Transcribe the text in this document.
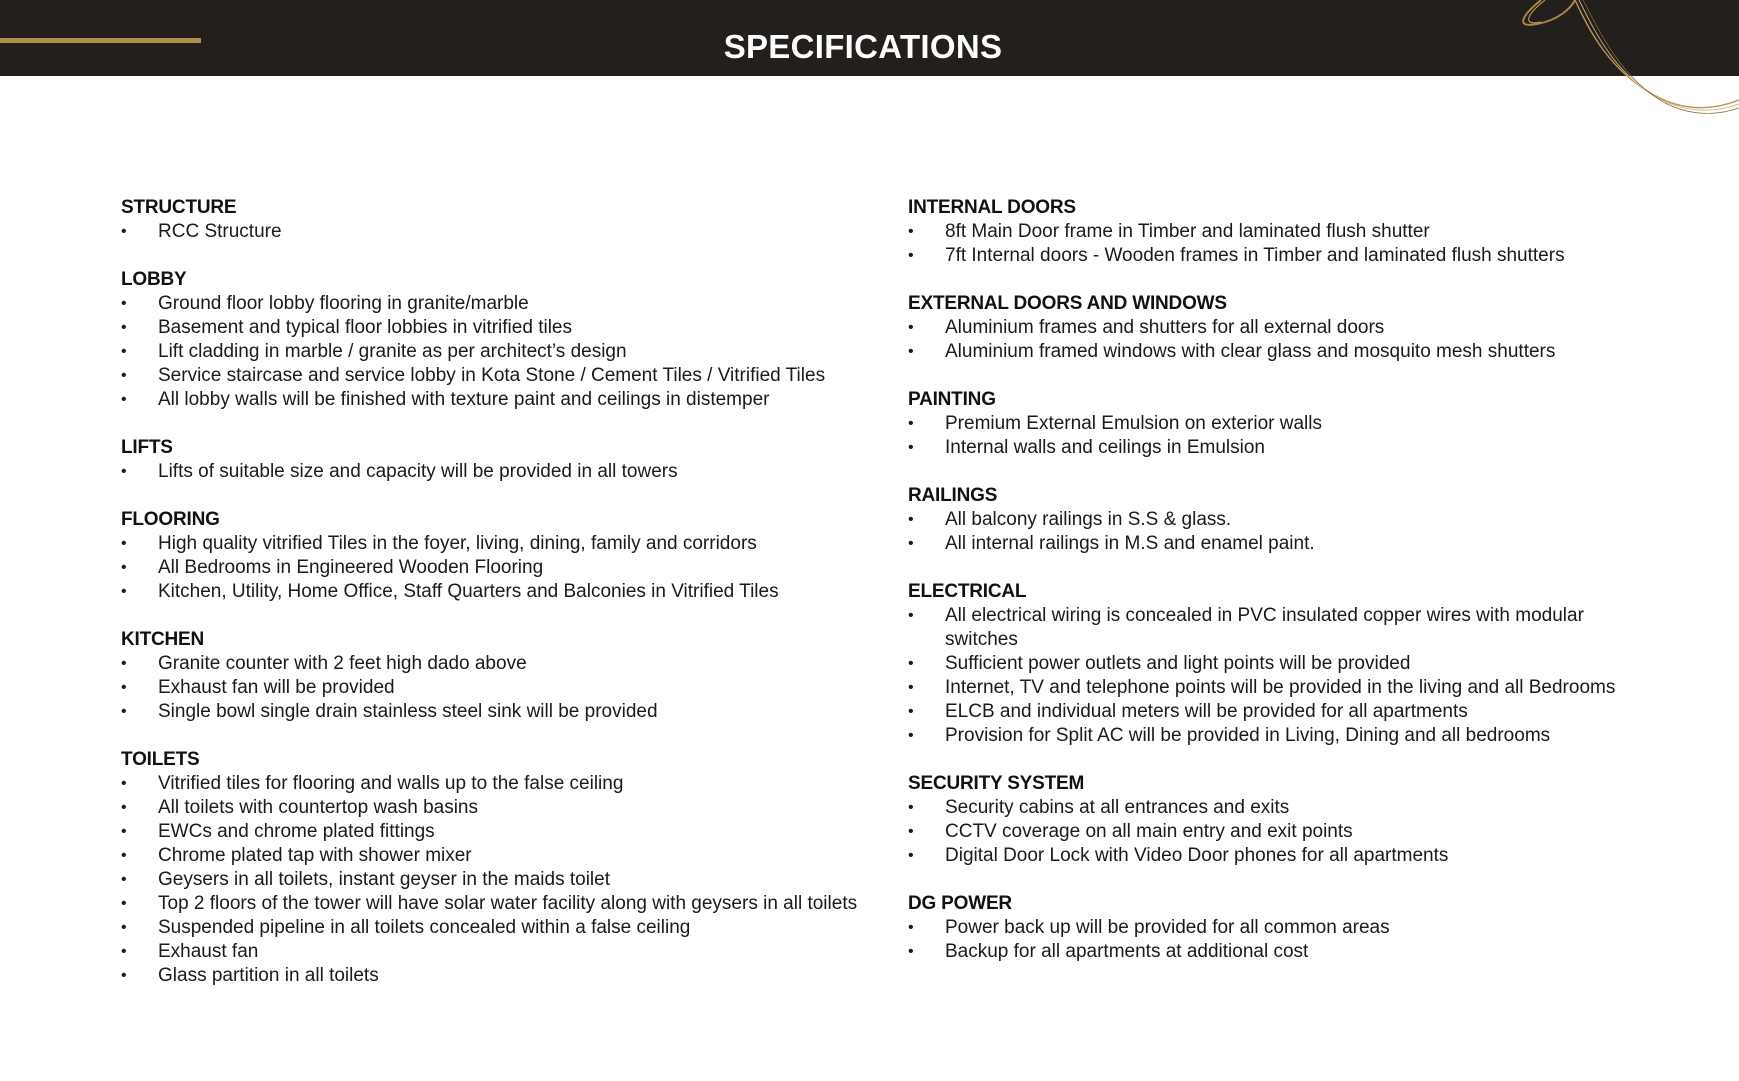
SPECIFICATIONS
STRUCTURE
•	RCC Structure
LOBBY
•	Ground floor lobby flooring in granite/marble
•	Basement and typical floor lobbies in vitrified tiles
•	Lift cladding in marble / granite as per architect’s design
•	Service staircase and service lobby in Kota Stone / Cement Tiles / Vitrified Tiles
•	All lobby walls will be finished with texture paint and ceilings in distemper
LIFTS
•	Lifts of suitable size and capacity will be provided in all towers
FLOORING
•	High quality vitrified Tiles in the foyer, living, dining, family and corridors
•	All Bedrooms in Engineered Wooden Flooring
•	Kitchen, Utility, Home Office, Staff Quarters and Balconies in Vitrified Tiles
KITCHEN
•	Granite counter with 2 feet high dado above
•	Exhaust fan will be provided
•	Single bowl single drain stainless steel sink will be provided
TOILETS
•	Vitrified tiles for flooring and walls up to the false ceiling
•	All toilets with countertop wash basins
•	EWCs and chrome plated fittings
•	Chrome plated tap with shower mixer
•	Geysers in all toilets, instant geyser in the maids toilet
•	Top 2 floors of the tower will have solar water facility along with geysers in all toilets
•	Suspended pipeline in all toilets concealed within a false ceiling
•	Exhaust fan
•	Glass partition in all toilets
INTERNAL DOORS
•	8ft Main Door frame in Timber and laminated flush shutter
•	7ft Internal doors - Wooden frames in Timber and laminated flush shutters
EXTERNAL DOORS AND WINDOWS
•	Aluminium frames and shutters for all external doors
•	Aluminium framed windows with clear glass and mosquito mesh shutters
PAINTING
•	Premium External Emulsion on exterior walls
•	Internal walls and ceilings in Emulsion
RAILINGS
•	All balcony railings in S.S & glass.
•	All internal railings in M.S and enamel paint.
ELECTRICAL
•	All electrical wiring is concealed in PVC insulated copper wires with modular switches
•	Sufficient power outlets and light points will be provided
•	Internet, TV and telephone points will be provided in the living and all Bedrooms
•	ELCB and individual meters will be provided for all apartments
•	Provision for Split AC will be provided in Living, Dining and all bedrooms
SECURITY SYSTEM
•	Security cabins at all entrances and exits
•	CCTV coverage on all main entry and exit points
•	Digital Door Lock with Video Door phones for all apartments
DG POWER
•	Power back up will be provided for all common areas
•	Backup for all apartments at additional cost
